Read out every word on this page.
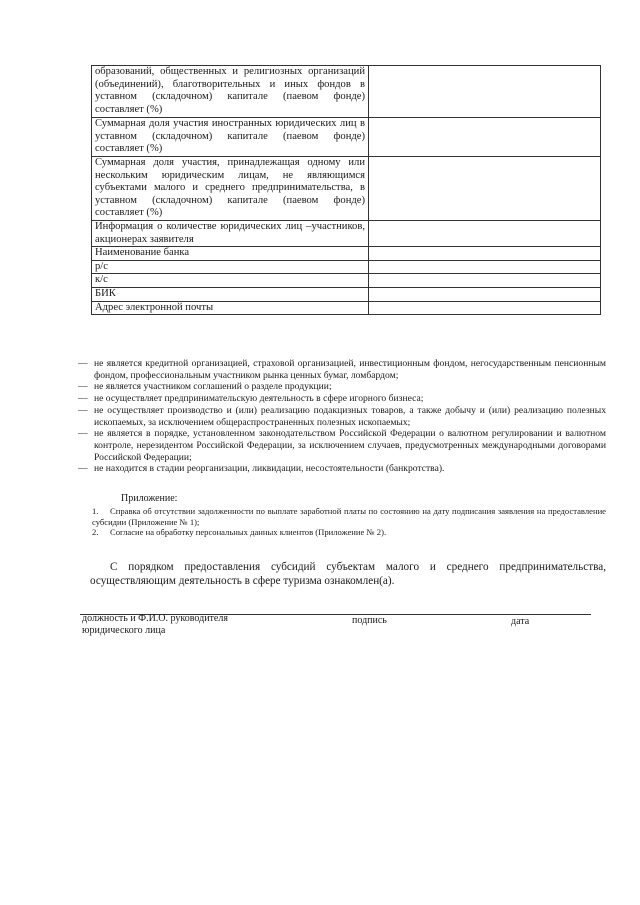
образований, общественных и религиозных организаций (объединений), благотворительных и иных фондов в уставном (складочном) капитале (паевом фонде) составляет (%)	
Суммарная доля участия иностранных юридических лиц в уставном (складочном) капитале (паевом фонде) составляет (%)	
Суммарная доля участия, принадлежащая одному или нескольким юридическим лицам, не являющимся субъектами малого и среднего предпринимательства, в уставном (складочном) капитале (паевом фонде) составляет (%)	
Информация о количестве юридических лиц –участников, акционерах заявителя	
Наименование банка	
р/с	
к/с	
БИК	
Адрес электронной почты	
— не является кредитной организацией, страховой организацией, инвестиционным фондом, негосударственным пенсионным фондом, профессиональным участником рынка ценных бумаг, ломбардом;
— не является участником соглашений о разделе продукции;
— не осуществляет предпринимательскую деятельность в сфере игорного бизнеса;
— не осуществляет производство и (или) реализацию подакцизных товаров, а также добычу и (или) реализацию полезных ископаемых, за исключением общераспространенных полезных ископаемых;
— не является в порядке, установленном законодательством Российской Федерации о валютном регулировании и валютном контроле, нерезидентом Российской Федерации, за исключением случаев, предусмотренных международными договорами Российской Федерации;
— не находится в стадии реорганизации, ликвидации, несостоятельности (банкротства).
Приложение:
1. Справка об отсутствии задолженности по выплате заработной платы по состоянию на дату подписания заявления на предоставление субсидии (Приложение № 1);
2. Согласие на обработку персональных данных клиентов (Приложение № 2).

С порядком предоставления субсидий субъектам малого и среднего предпринимательства, осуществляющим деятельность в сфере туризма ознакомлен(а).

должность и Ф.И.О. руководителя
юридического лица
подпись	дата
